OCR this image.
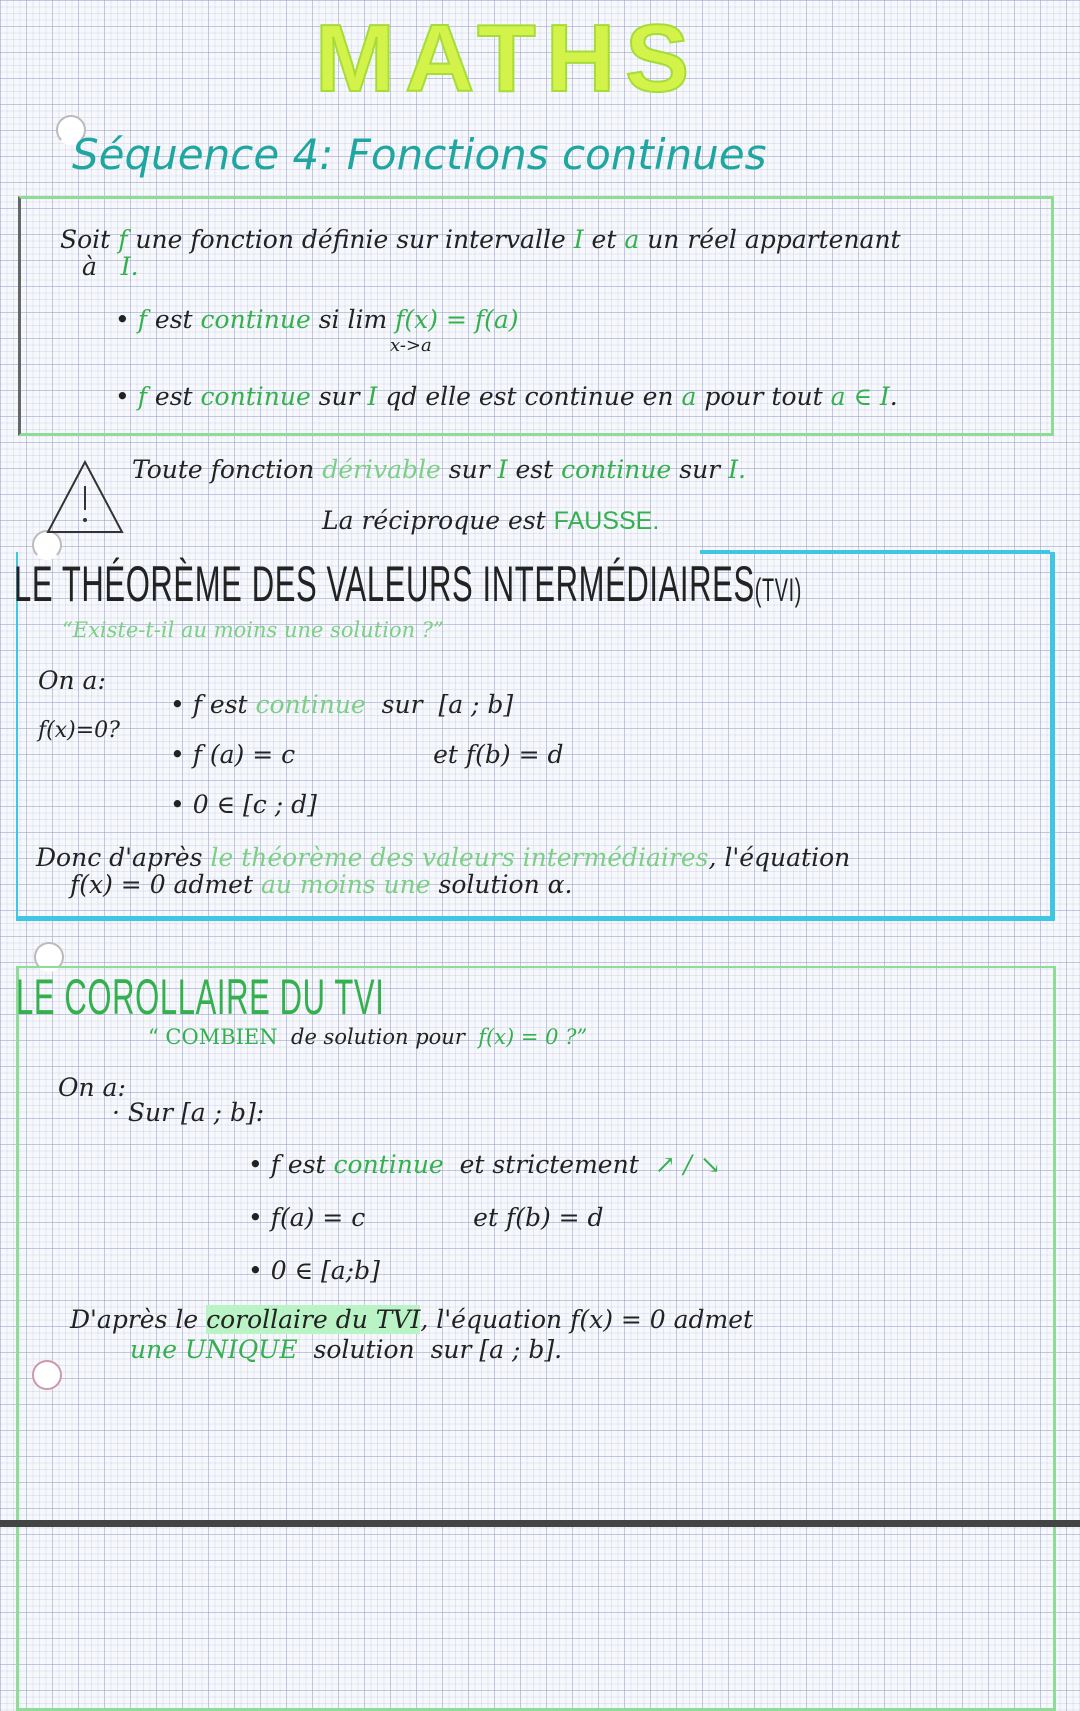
MATHS
Séquence 4: Fonctions continues
Soit f une fonction définie sur intervalle I et a un réel appartenant
à I.
• f est continue si lim f(x) = f(a)
x->a
• f est continue sur I qd elle est continue en a pour tout a ∈ I.
Toute fonction dérivable sur I est continue sur I.
La réciproque est FAUSSE.
LE THÉORÈME DES VALEURS INTERMÉDIAIRES(TVI)
“Existe-t-il au moins une solution ?”
On a:
f(x)=0?
• f est continue sur [a ; b]
• f (a) = c	et f(b) = d
• 0 ∈ [c ; d]
Donc d'après le théorème des valeurs intermédiaires, l'équation
f(x) = 0 admet au moins une solution α.
LE COROLLAIRE DU TVI
“ COMBIEN de solution pour f(x) = 0 ?”
On a:
· Sur [a ; b]:
• f est continue et strictement ↗ / ↘
• f(a) = c	et f(b) = d
• 0 ∈ [a;b]
D'après le corollaire du TVI, l'équation f(x) = 0 admet
une UNIQUE solution sur [a ; b].
